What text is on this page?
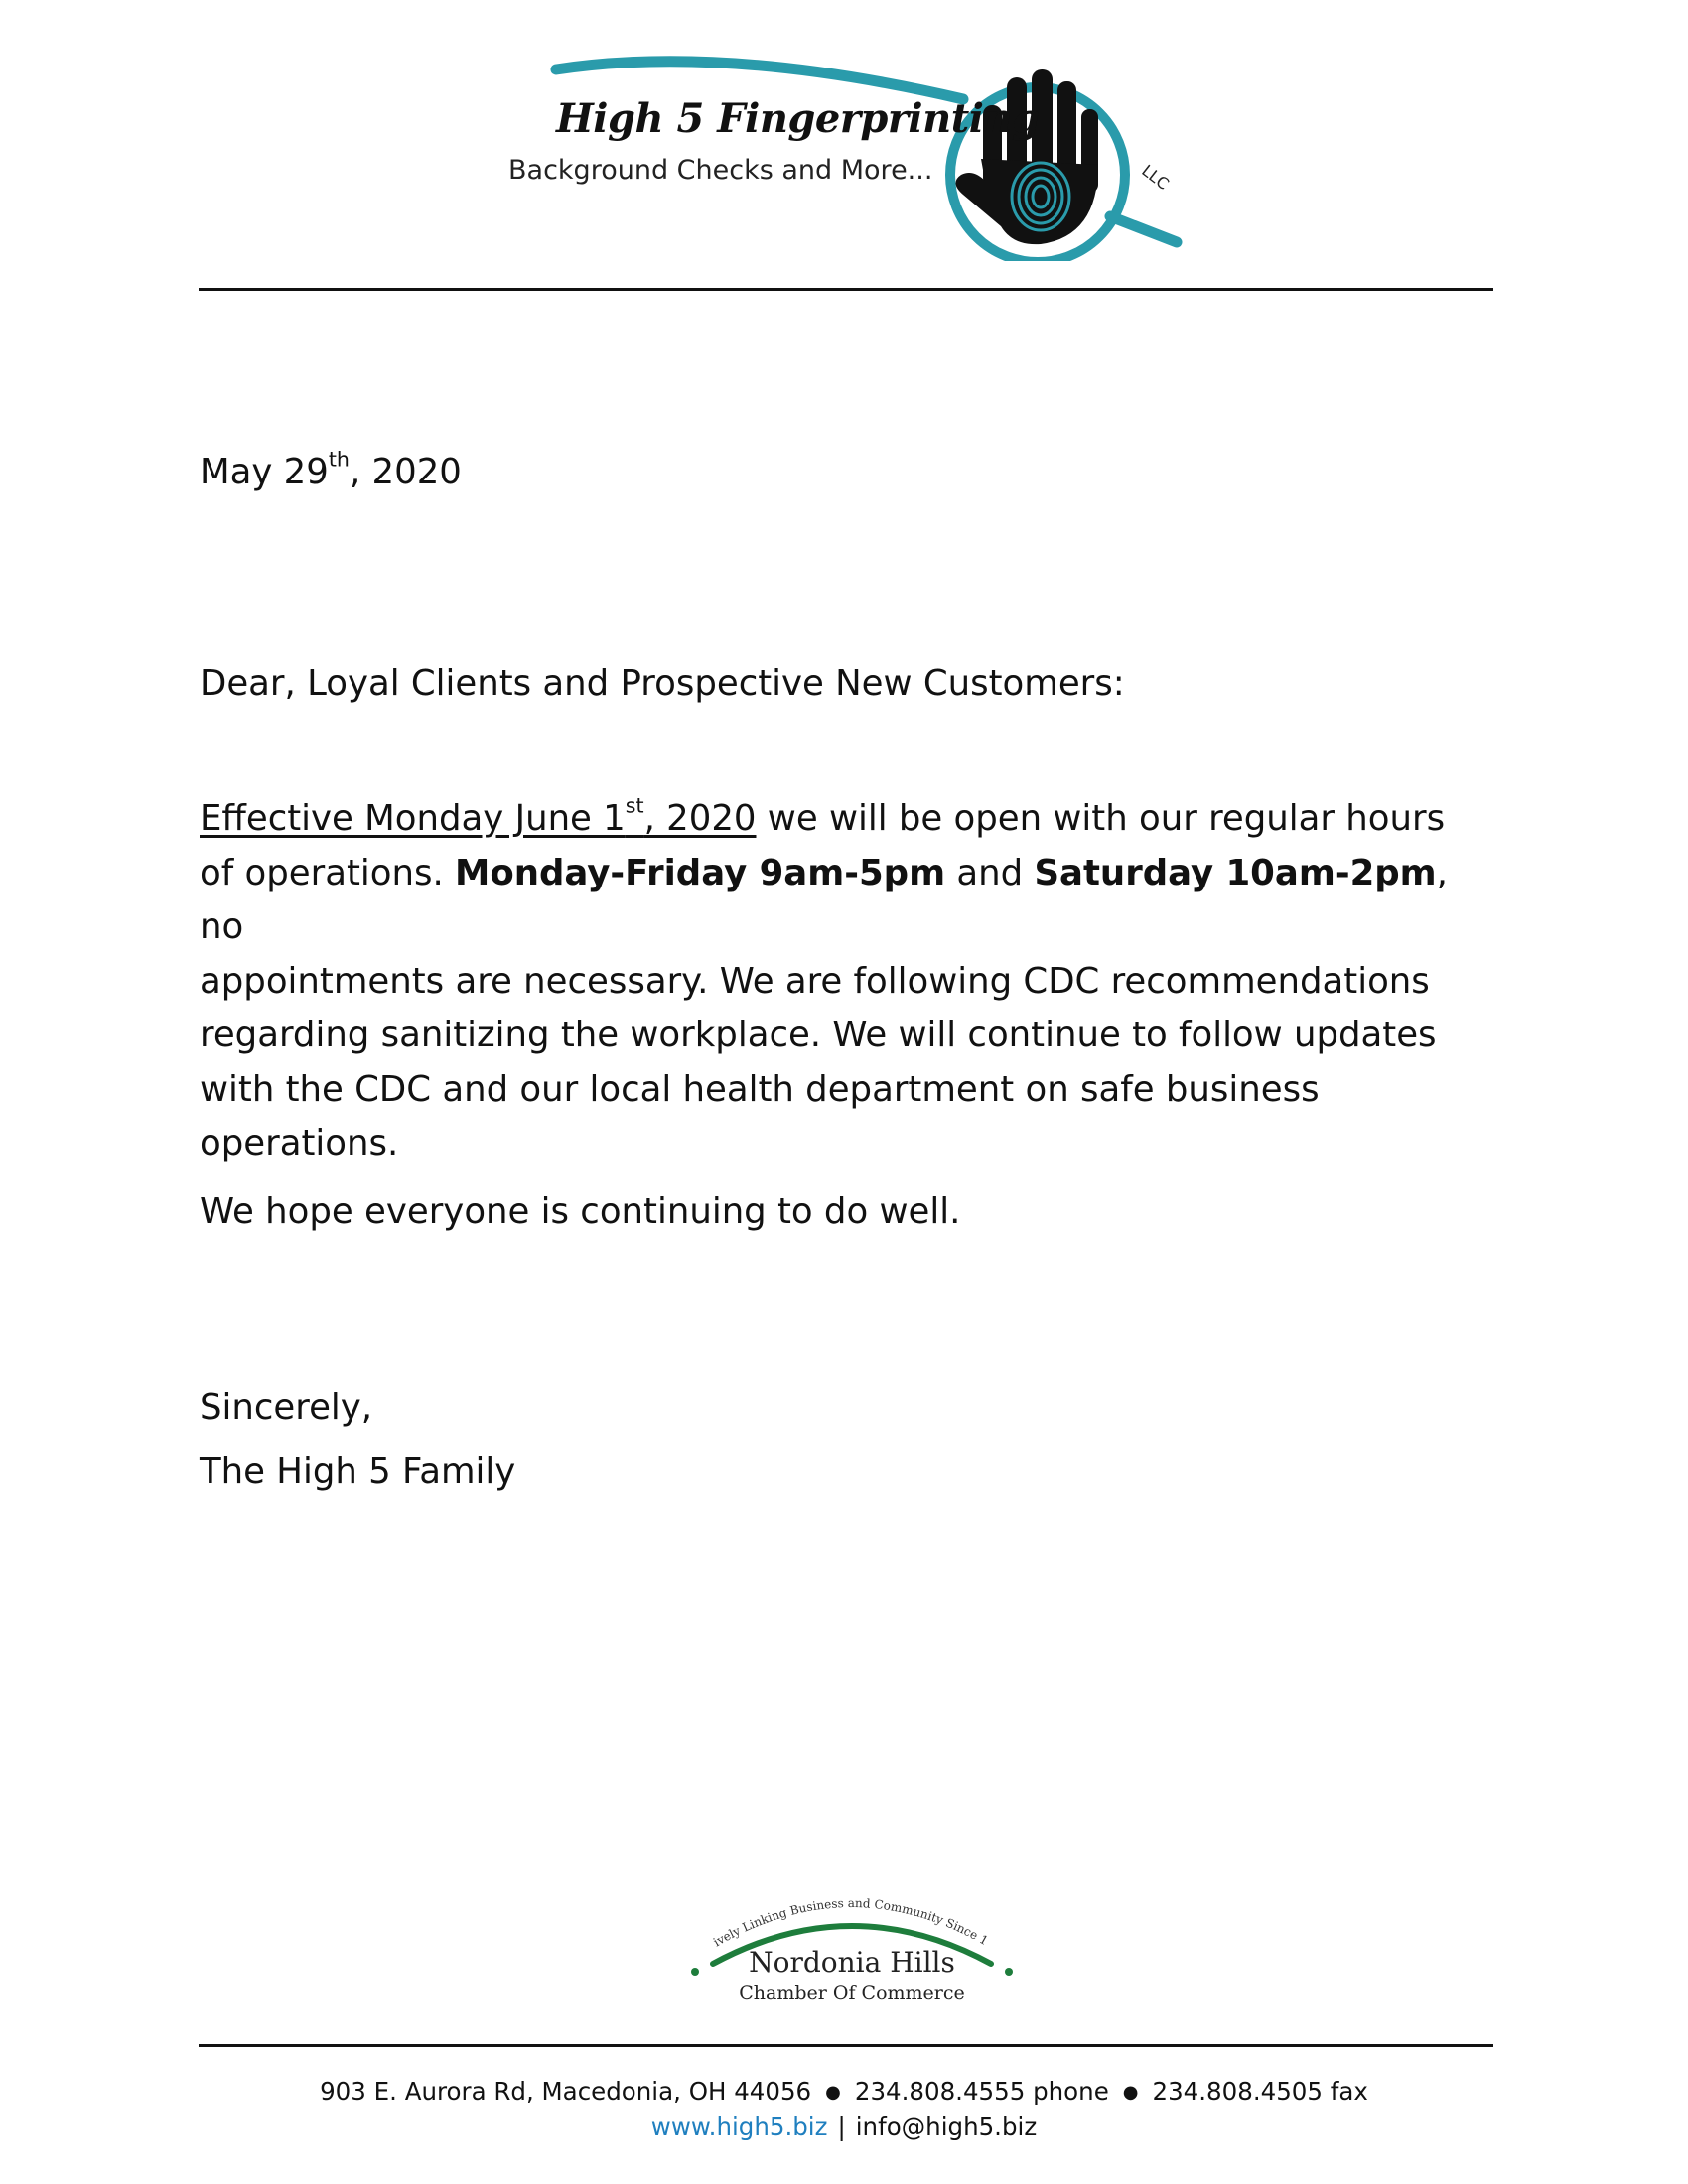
High 5 Fingerprinting
Background Checks and More...	LLC
May 29th, 2020
Dear, Loyal Clients and Prospective New Customers:
Effective Monday June 1st, 2020 we will be open with our regular hours
of operations. Monday-Friday 9am-5pm and Saturday 10am-2pm, no
appointments are necessary. We are following CDC recommendations
regarding sanitizing the workplace. We will continue to follow updates
with the CDC and our local health department on safe business
operations.
We hope everyone is continuing to do well.
Sincerely,
The High 5 Family
ively Linking Business and Community Since 1
Nordonia Hills
Chamber Of Commerce
903 E. Aurora Rd, Macedonia, OH 44056 ● 234.808.4555 phone ● 234.808.4505 fax
www.high5.biz | info@high5.biz
